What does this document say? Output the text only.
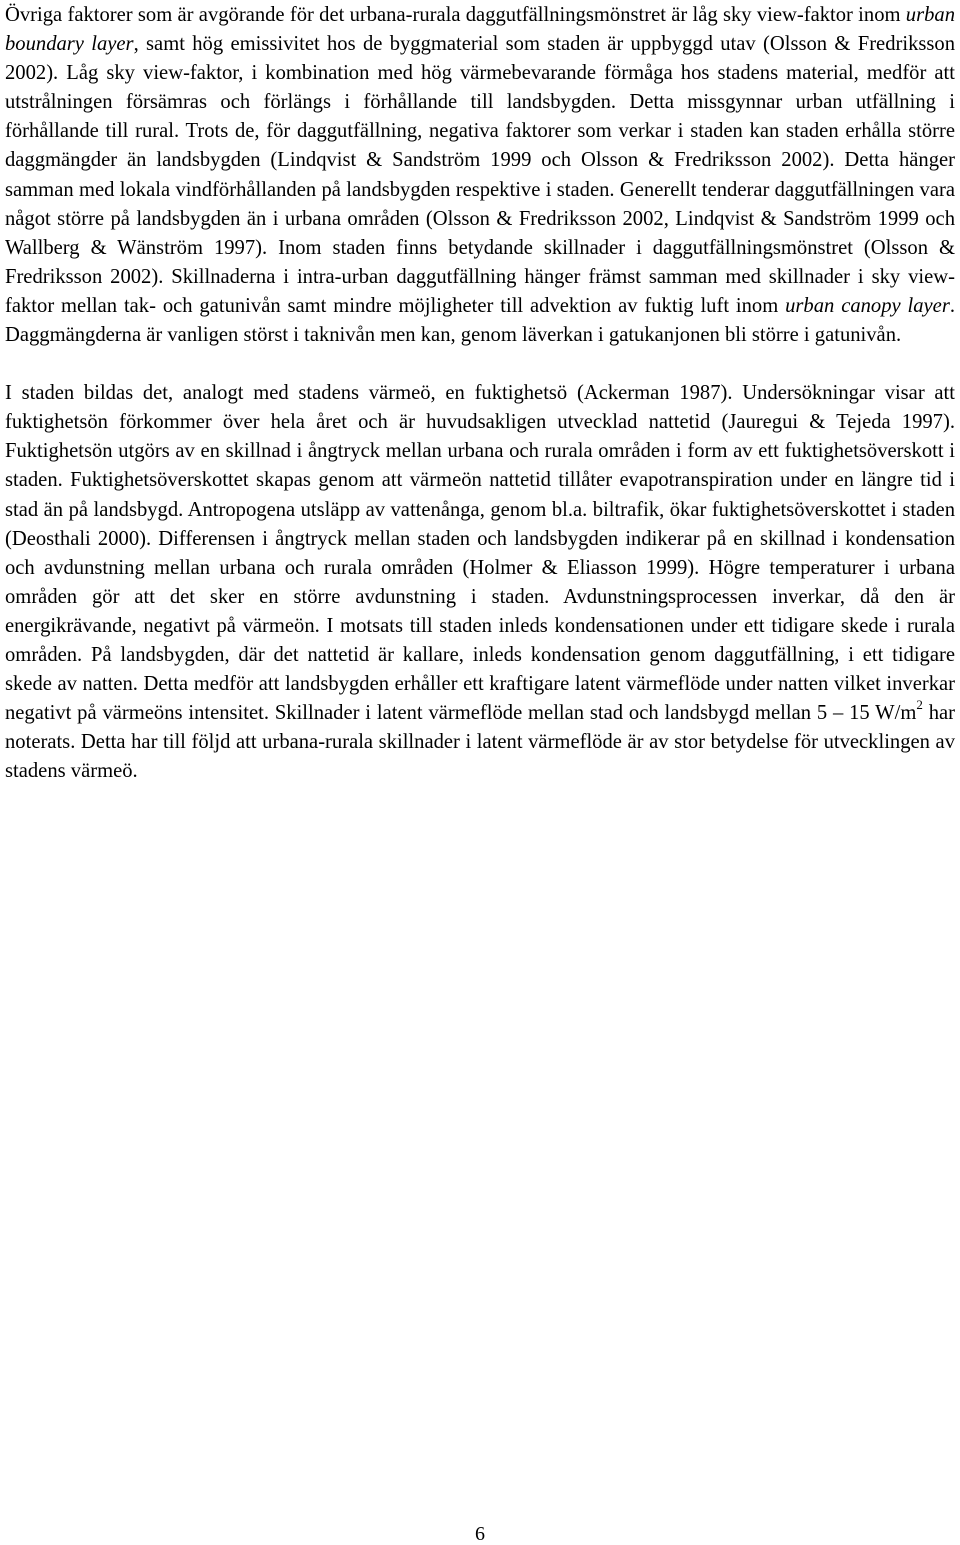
Övriga faktorer som är avgörande för det urbana-rurala daggutfällningsmönstret är låg sky view-faktor inom urban boundary layer, samt hög emissivitet hos de byggmaterial som staden är uppbyggd utav (Olsson & Fredriksson 2002). Låg sky view-faktor, i kombination med hög värmebevarande förmåga hos stadens material, medför att utstrålningen försämras och förlängs i förhållande till landsbygden. Detta missgynnar urban utfällning i förhållande till rural. Trots de, för daggutfällning, negativa faktorer som verkar i staden kan staden erhålla större daggmängder än landsbygden (Lindqvist & Sandström 1999 och Olsson & Fredriksson 2002). Detta hänger samman med lokala vindförhållanden på landsbygden respektive i staden. Generellt tenderar daggutfällningen vara något större på landsbygden än i urbana områden (Olsson & Fredriksson 2002, Lindqvist & Sandström 1999 och Wallberg & Wänström 1997). Inom staden finns betydande skillnader i daggutfällningsmönstret (Olsson & Fredriksson 2002). Skillnaderna i intra-urban daggutfällning hänger främst samman med skillnader i sky view-faktor mellan tak- och gatunivån samt mindre möjligheter till advektion av fuktig luft inom urban canopy layer. Daggmängderna är vanligen störst i taknivån men kan, genom läverkan i gatukanjonen bli större i gatunivån.

I staden bildas det, analogt med stadens värmeö, en fuktighetsö (Ackerman 1987). Undersökningar visar att fuktighetsön förkommer över hela året och är huvudsakligen utvecklad nattetid (Jauregui & Tejeda 1997). Fuktighetsön utgörs av en skillnad i ångtryck mellan urbana och rurala områden i form av ett fuktighetsöverskott i staden. Fuktighetsöverskottet skapas genom att värmeön nattetid tillåter evapotranspiration under en längre tid i stad än på landsbygd. Antropogena utsläpp av vattenånga, genom bl.a. biltrafik, ökar fuktighetsöverskottet i staden (Deosthali 2000). Differensen i ångtryck mellan staden och landsbygden indikerar på en skillnad i kondensation och avdunstning mellan urbana och rurala områden (Holmer & Eliasson 1999). Högre temperaturer i urbana områden gör att det sker en större avdunstning i staden. Avdunstningsprocessen inverkar, då den är energikrävande, negativt på värmeön. I motsats till staden inleds kondensationen under ett tidigare skede i rurala områden. På landsbygden, där det nattetid är kallare, inleds kondensation genom daggutfällning, i ett tidigare skede av natten. Detta medför att landsbygden erhåller ett kraftigare latent värmeflöde under natten vilket inverkar negativt på värmeöns intensitet. Skillnader i latent värmeflöde mellan stad och landsbygd mellan 5 – 15 $W/m^2$ har noterats. Detta har till följd att urbana-rurala skillnader i latent värmeflöde är av stor betydelse för utvecklingen av stadens värmeö.

6
